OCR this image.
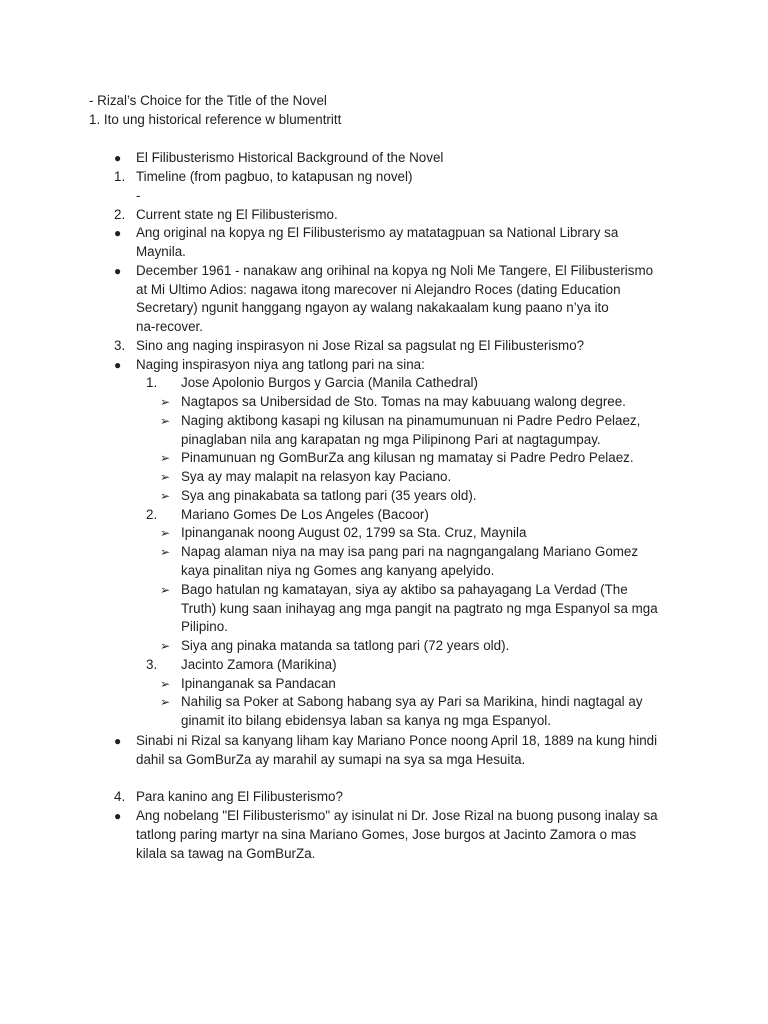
- Rizal’s Choice for the Title of the Novel
1. Ito ung historical reference w blumentritt
● El Filibusterismo Historical Background of the Novel
1. Timeline (from pagbuo, to katapusan ng novel)
-
2. Current state ng El Filibusterismo.
● Ang original na kopya ng El Filibusterismo ay matatagpuan sa National Library sa
Maynila.
● December 1961 - nanakaw ang orihinal na kopya ng Noli Me Tangere, El Filibusterismo
at Mi Ultimo Adios: nagawa itong marecover ni Alejandro Roces (dating Education
Secretary) ngunit hanggang ngayon ay walang nakakaalam kung paano n’ya ito
na-recover.
3. Sino ang naging inspirasyon ni Jose Rizal sa pagsulat ng El Filibusterismo?
● Naging inspirasyon niya ang tatlong pari na sina:
1. Jose Apolonio Burgos y Garcia (Manila Cathedral)
➢ Nagtapos sa Unibersidad de Sto. Tomas na may kabuuang walong degree.
➢ Naging aktibong kasapi ng kilusan na pinamumunuan ni Padre Pedro Pelaez,
pinaglaban nila ang karapatan ng mga Pilipinong Pari at nagtagumpay.
➢ Pinamunuan ng GomBurZa ang kilusan ng mamatay si Padre Pedro Pelaez.
➢ Sya ay may malapit na relasyon kay Paciano.
➢ Sya ang pinakabata sa tatlong pari (35 years old).
2. Mariano Gomes De Los Angeles (Bacoor)
➢ Ipinanganak noong August 02, 1799 sa Sta. Cruz, Maynila
➢ Napag alaman niya na may isa pang pari na nagngangalang Mariano Gomez
kaya pinalitan niya ng Gomes ang kanyang apelyido.
➢ Bago hatulan ng kamatayan, siya ay aktibo sa pahayagang La Verdad (The
Truth) kung saan inihayag ang mga pangit na pagtrato ng mga Espanyol sa mga
Pilipino.
➢ Siya ang pinaka matanda sa tatlong pari (72 years old).
3. Jacinto Zamora (Marikina)
➢ Ipinanganak sa Pandacan
➢ Nahilig sa Poker at Sabong habang sya ay Pari sa Marikina, hindi nagtagal ay
ginamit ito bilang ebidensya laban sa kanya ng mga Espanyol.
● Sinabi ni Rizal sa kanyang liham kay Mariano Ponce noong April 18, 1889 na kung hindi
dahil sa GomBurZa ay marahil ay sumapi na sya sa mga Hesuita.
4. Para kanino ang El Filibusterismo?
● Ang nobelang "El Filibusterismo" ay isinulat ni Dr. Jose Rizal na buong pusong inalay sa
tatlong paring martyr na sina Mariano Gomes, Jose burgos at Jacinto Zamora o mas
kilala sa tawag na GomBurZa.
